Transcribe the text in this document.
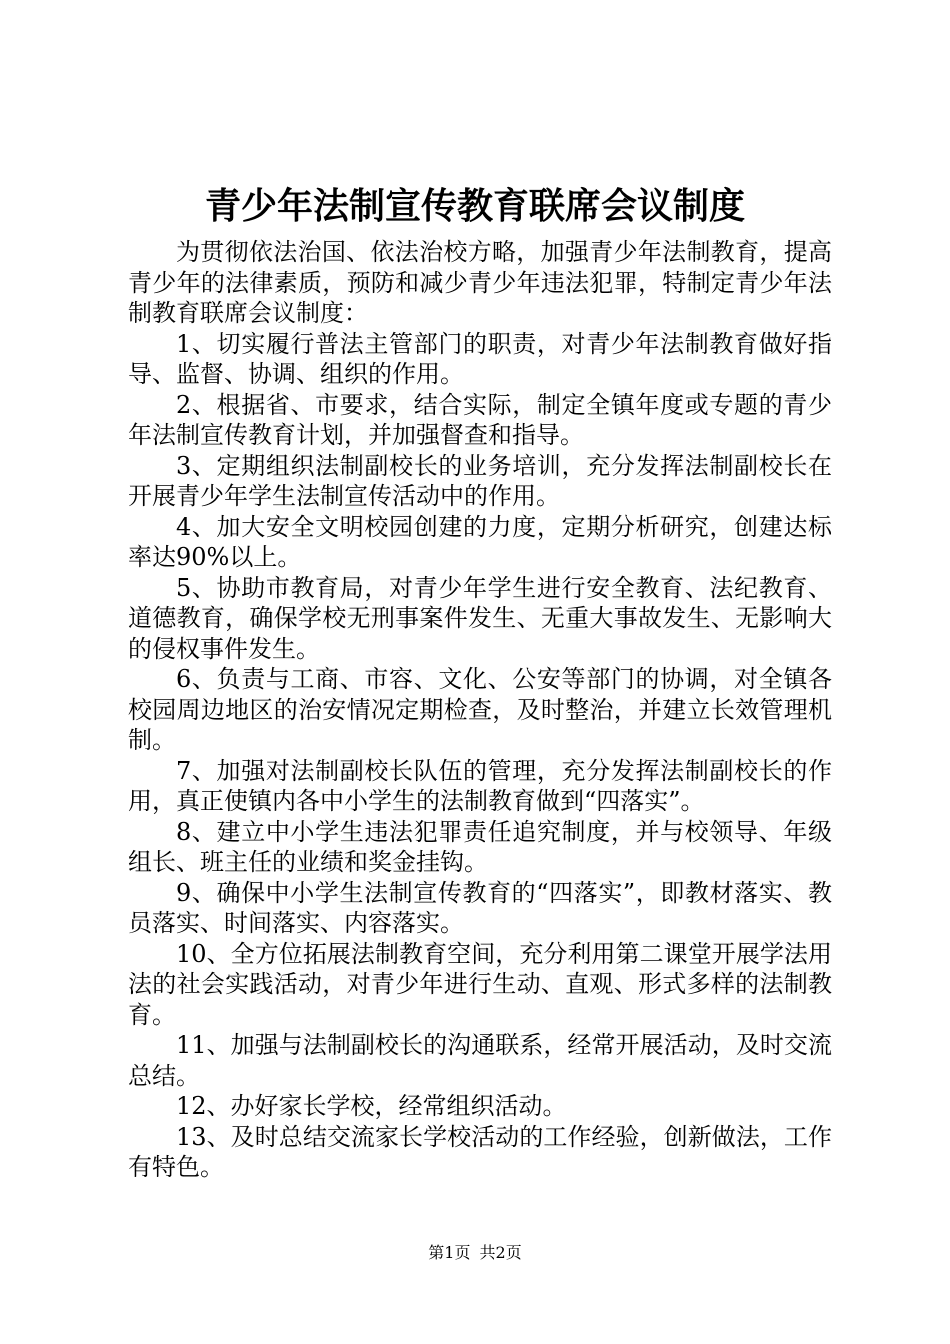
青少年法制宣传教育联席会议制度

为贯彻依法治国、依法治校方略，加强青少年法制教育，提高青少年的法律素质，预防和减少青少年违法犯罪，特制定青少年法制教育联席会议制度：

1、切实履行普法主管部门的职责，对青少年法制教育做好指导、监督、协调、组织的作用。

2、根据省、市要求，结合实际，制定全镇年度或专题的青少年法制宣传教育计划，并加强督查和指导。

3、定期组织法制副校长的业务培训，充分发挥法制副校长在开展青少年学生法制宣传活动中的作用。

4、加大安全文明校园创建的力度，定期分析研究，创建达标率达90%以上。

5、协助市教育局，对青少年学生进行安全教育、法纪教育、道德教育，确保学校无刑事案件发生、无重大事故发生、无影响大的侵权事件发生。

6、负责与工商、市容、文化、公安等部门的协调，对全镇各校园周边地区的治安情况定期检查，及时整治，并建立长效管理机制。

7、加强对法制副校长队伍的管理，充分发挥法制副校长的作用，真正使镇内各中小学生的法制教育做到“四落实”。

8、建立中小学生违法犯罪责任追究制度，并与校领导、年级组长、班主任的业绩和奖金挂钩。

9、确保中小学生法制宣传教育的“四落实”，即教材落实、教员落实、时间落实、内容落实。

10、全方位拓展法制教育空间，充分利用第二课堂开展学法用法的社会实践活动，对青少年进行生动、直观、形式多样的法制教育。

11、加强与法制副校长的沟通联系，经常开展活动，及时交流总结。

12、办好家长学校，经常组织活动。

13、及时总结交流家长学校活动的工作经验，创新做法，工作有特色。

第1页 共2页
